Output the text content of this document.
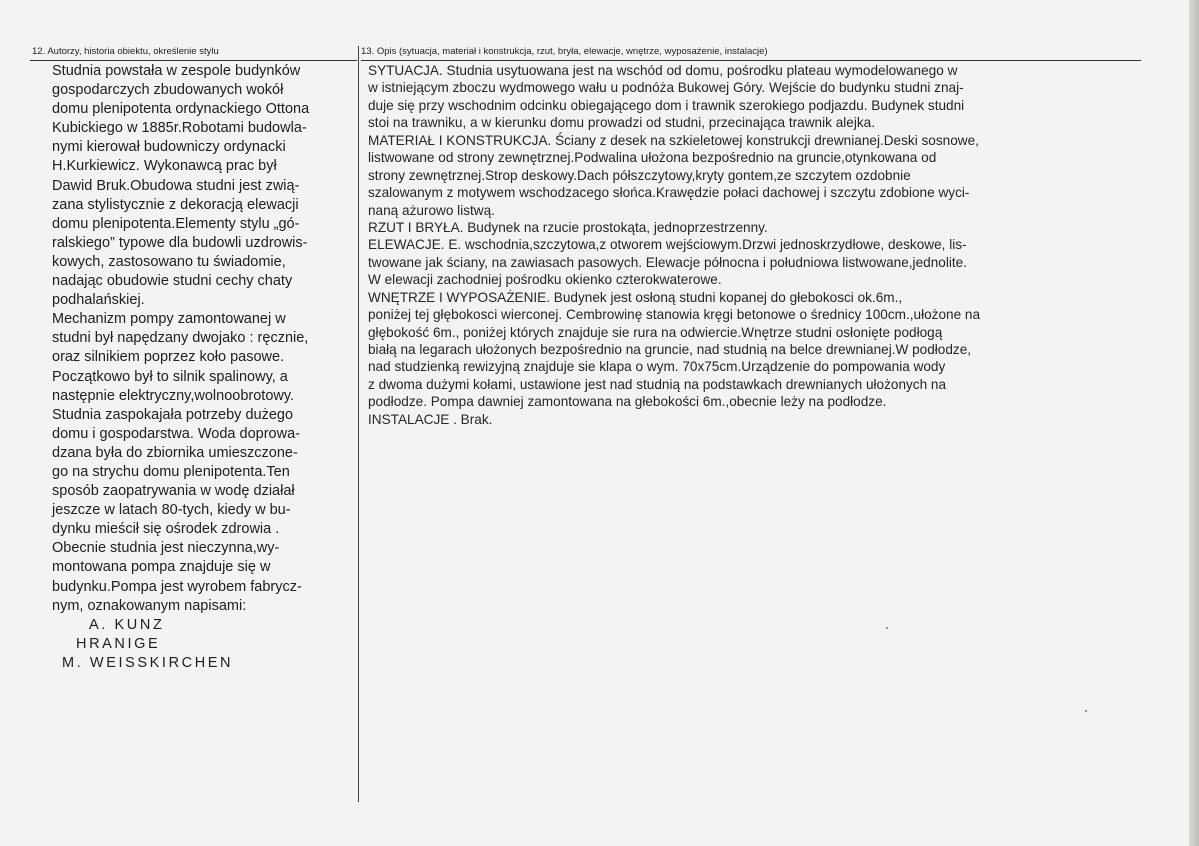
12. Autorzy, historia obiektu, określenie stylu	13. Opis (sytuacja, materiał i konstrukcja, rzut, bryła, elewacje, wnętrze, wyposażenie, instalacje)
Studnia powstała w zespole budynków
gospodarczych zbudowanych wokół
domu plenipotenta ordynackiego Ottona
Kubickiego w 1885r.Robotami budowla-
nymi kierował budowniczy ordynacki
H.Kurkiewicz. Wykonawcą prac był
Dawid Bruk.Obudowa studni jest zwią-
zana stylistycznie z dekoracją elewacji
domu plenipotenta.Elementy stylu „gó-
ralskiego” typowe dla budowli uzdrowis-
kowych, zastosowano tu świadomie,
nadając obudowie studni cechy chaty
podhalańskiej.
Mechanizm pompy zamontowanej w
studni był napędzany dwojako : ręcznie,
oraz silnikiem poprzez koło pasowe.
Początkowo był to silnik spalinowy, a
następnie elektryczny,wolnoobrotowy.
Studnia zaspokajała potrzeby dużego
domu i gospodarstwa. Woda doprowa-
dzana była do zbiornika umieszczone-
go na strychu domu plenipotenta.Ten
sposób zaopatrywania w wodę działał
jeszcze w latach 80-tych, kiedy w bu-
dynku mieścił się ośrodek zdrowia .
Obecnie studnia jest nieczynna,wy-
montowana pompa znajduje się w
budynku.Pompa jest wyrobem fabrycz-
nym, oznakowanym napisami:
A. KUNZ
HRANIGE
M. WEISSKIRCHEN
SYTUACJA. Studnia usytuowana jest na wschód od domu, pośrodku plateau wymodelowanego w
w istniejącym zboczu wydmowego wału u podnóża Bukowej Góry. Wejście do budynku studni znaj-
duje się przy wschodnim odcinku obiegającego dom i trawnik szerokiego podjazdu. Budynek studni
stoi na trawniku, a w kierunku domu prowadzi od studni, przecinająca trawnik alejka.
MATERIAŁ I KONSTRUKCJA. Ściany z desek na szkieletowej konstrukcji drewnianej.Deski sosnowe,
listwowane od strony zewnętrznej.Podwalina ułożona bezpośrednio na gruncie,otynkowana od
strony zewnętrznej.Strop deskowy.Dach półszczytowy,kryty gontem,ze szczytem ozdobnie
szalowanym z motywem wschodzacego słońca.Krawędzie połaci dachowej i szczytu zdobione wyci-
naną ażurowo listwą.
RZUT I BRYŁA. Budynek na rzucie prostokąta, jednoprzestrzenny.
ELEWACJE. E. wschodnia,szczytowa,z otworem wejściowym.Drzwi jednoskrzydłowe, deskowe, lis-
twowane jak ściany, na zawiasach pasowych. Elewacje północna i południowa listwowane,jednolite.
W elewacji zachodniej pośrodku okienko czterokwaterowe.
WNĘTRZE I WYPOSAŻENIE. Budynek jest osłoną studni kopanej do głebokosci ok.6m.,
poniżej tej głębokosci wierconej. Cembrowinę stanowia kręgi betonowe o średnicy 100cm.,ułożone na
głębokość 6m., poniżej których znajduje sie rura na odwiercie.Wnętrze studni osłonięte podłogą
białą na legarach ułożonych bezpośrednio na gruncie, nad studnią na belce drewnianej.W podłodze,
nad studzienką rewizyjną znajduje sie klapa o wym. 70x75cm.Urządzenie do pompowania wody
z dwoma dużymi kołami, ustawione jest nad studnią na podstawkach drewnianych ułożonych na
podłodze. Pompa dawniej zamontowana na głebokości 6m.,obecnie leży na podłodze.
INSTALACJE . Brak.
